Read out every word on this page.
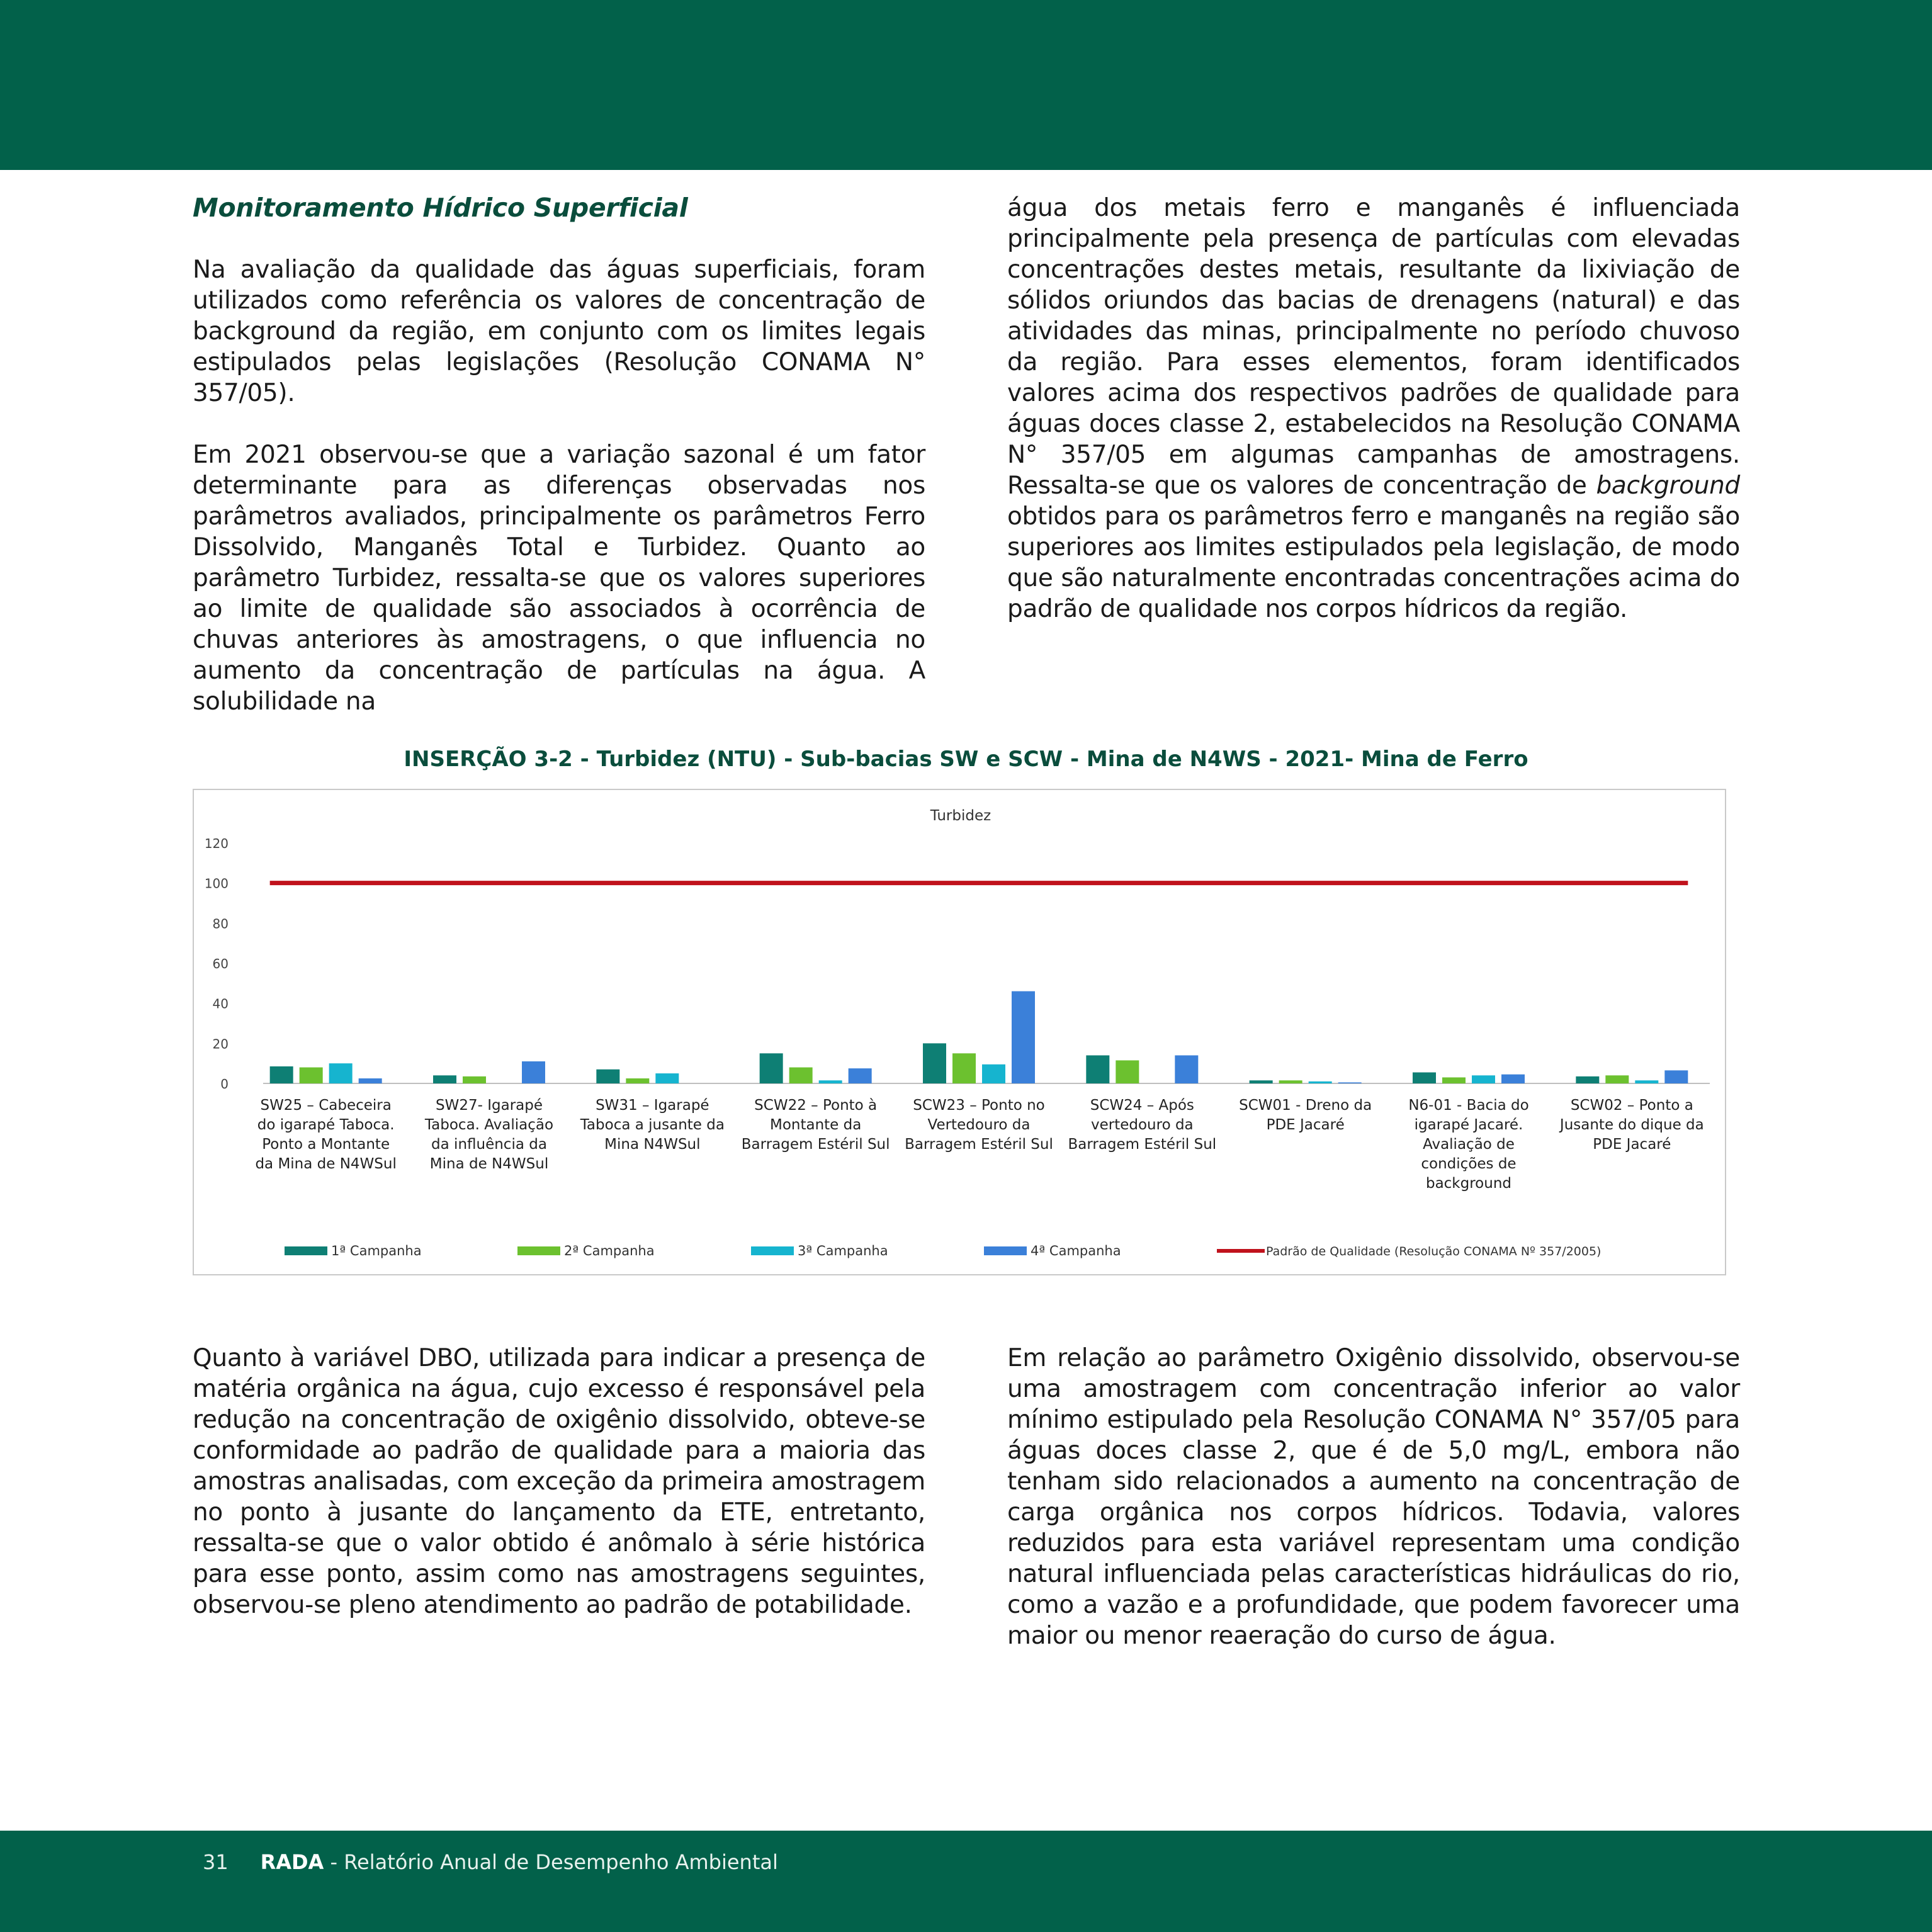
Monitoramento Hídrico Superficial

Na avaliação da qualidade das águas superficiais, foram utilizados como referência os valores de concentração de background da região, em conjunto com os limites legais estipulados pelas legislações (Resolução CONAMA N° 357/05).

Em 2021 observou-se que a variação sazonal é um fator determinante para as diferenças observadas nos parâmetros avaliados, principalmente os parâmetros Ferro Dissolvido, Manganês Total e Turbidez. Quanto ao parâmetro Turbidez, ressalta-se que os valores superiores ao limite de qualidade são associados à ocorrência de chuvas anteriores às amostragens, o que influencia no aumento da concentração de partículas na água. A solubilidade na

água dos metais ferro e manganês é influenciada principalmente pela presença de partículas com elevadas concentrações destes metais, resultante da lixiviação de sólidos oriundos das bacias de drenagens (natural) e das atividades das minas, principalmente no período chuvoso da região. Para esses elementos, foram identificados valores acima dos respectivos padrões de qualidade para águas doces classe 2, estabelecidos na Resolução CONAMA N° 357/05 em algumas campanhas de amostragens. Ressalta-se que os valores de concentração de background obtidos para os parâmetros ferro e manganês na região são superiores aos limites estipulados pela legislação, de modo que são naturalmente encontradas concentrações acima do padrão de qualidade nos corpos hídricos da região.

INSERÇÃO 3-2 - Turbidez (NTU) - Sub-bacias SW e SCW - Mina de N4WS - 2021- Mina de Ferro
Turbidez
0
20
40
60
80
100
120
SW25 – Cabeceira
do igarapé Taboca.
Ponto a Montante
da Mina de N4WSul
SW27- Igarapé
Taboca. Avaliação
da influência da
Mina de N4WSul
SW31 – Igarapé
Taboca a jusante da
Mina N4WSul
SCW22 – Ponto à
Montante da
Barragem Estéril Sul
SCW23 – Ponto no
Vertedouro da
Barragem Estéril Sul
SCW24 – Após
vertedouro da
Barragem Estéril Sul
SCW01 - Dreno da
PDE Jacaré
N6-01 - Bacia do
igarapé Jacaré.
Avaliação de
condições de
background
SCW02 – Ponto a
Jusante do dique da
PDE Jacaré
1ª Campanha	2ª Campanha	3ª Campanha	4ª Campanha	Padrão de Qualidade (Resolução CONAMA Nº 357/2005)

Quanto à variável DBO, utilizada para indicar a presença de matéria orgânica na água, cujo excesso é responsável pela redução na concentração de oxigênio dissolvido, obteve-se conformidade ao padrão de qualidade para a maioria das amostras analisadas, com exceção da primeira amostragem no ponto à jusante do lançamento da ETE, entretanto, ressalta-se que o valor obtido é anômalo à série histórica para esse ponto, assim como nas amostragens seguintes, observou-se pleno atendimento ao padrão de potabilidade.

Em relação ao parâmetro Oxigênio dissolvido, observou-se uma amostragem com concentração inferior ao valor mínimo estipulado pela Resolução CONAMA N° 357/05 para águas doces classe 2, que é de 5,0 mg/L, embora não tenham sido relacionados a aumento na concentração de carga orgânica nos corpos hídricos. Todavia, valores reduzidos para esta variável representam uma condição natural influenciada pelas características hidráulicas do rio, como a vazão e a profundidade, que podem favorecer uma maior ou menor reaeração do curso de água.

31 RADA - Relatório Anual de Desempenho Ambiental
